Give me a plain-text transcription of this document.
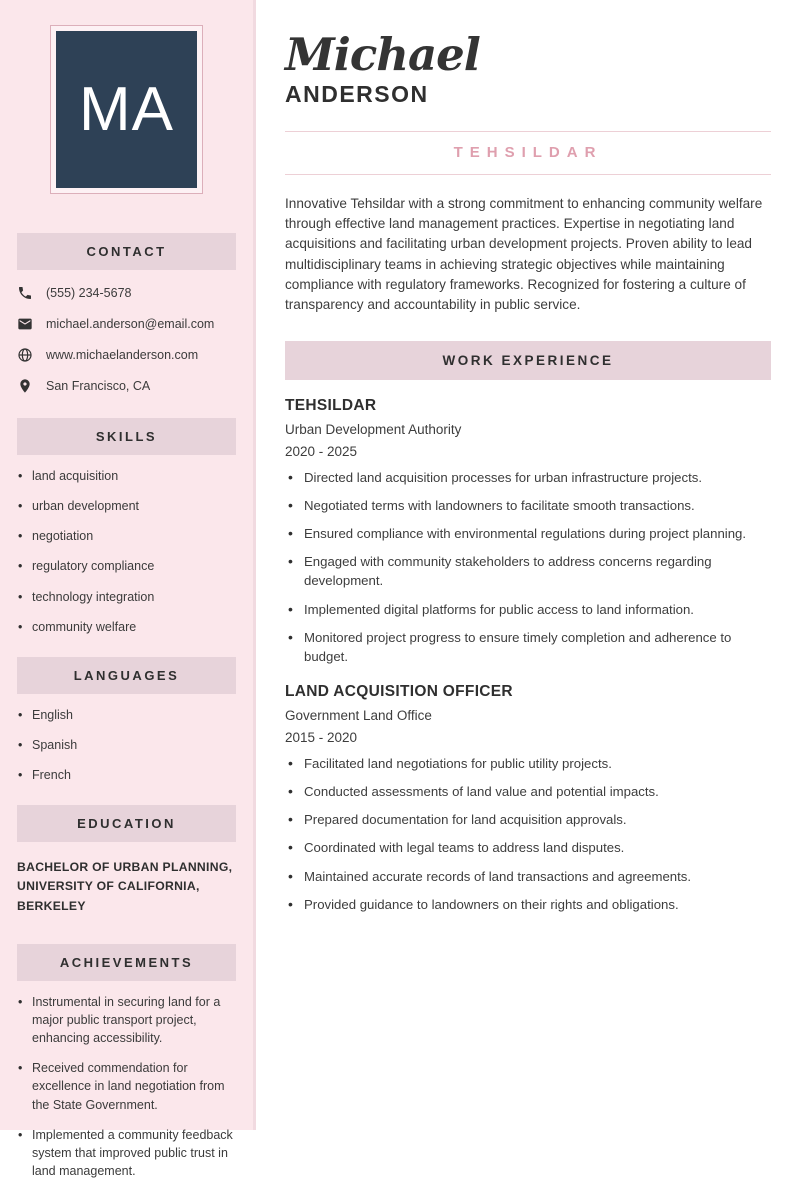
MA
CONTACT
(555) 234-5678
michael.anderson@email.com
www.michaelanderson.com
San Francisco, CA
SKILLS
• land acquisition
• urban development
• negotiation
• regulatory compliance
• technology integration
• community welfare
LANGUAGES
• English
• Spanish
• French
EDUCATION
BACHELOR OF URBAN PLANNING, UNIVERSITY OF CALIFORNIA, BERKELEY
ACHIEVEMENTS
• Instrumental in securing land for a major public transport project, enhancing accessibility.
• Received commendation for excellence in land negotiation from the State Government.
• Implemented a community feedback system that improved public trust in land management.
Michael
ANDERSON
TEHSILDAR

Innovative Tehsildar with a strong commitment to enhancing community welfare through effective land management practices. Expertise in negotiating land acquisitions and facilitating urban development projects. Proven ability to lead multidisciplinary teams in achieving strategic objectives while maintaining compliance with regulatory frameworks. Recognized for fostering a culture of transparency and accountability in public service.

WORK EXPERIENCE
TEHSILDAR
Urban Development Authority
2020 - 2025
• Directed land acquisition processes for urban infrastructure projects.
• Negotiated terms with landowners to facilitate smooth transactions.
• Ensured compliance with environmental regulations during project planning.
• Engaged with community stakeholders to address concerns regarding development.
• Implemented digital platforms for public access to land information.
• Monitored project progress to ensure timely completion and adherence to budget.
LAND ACQUISITION OFFICER
Government Land Office
2015 - 2020
• Facilitated land negotiations for public utility projects.
• Conducted assessments of land value and potential impacts.
• Prepared documentation for land acquisition approvals.
• Coordinated with legal teams to address land disputes.
• Maintained accurate records of land transactions and agreements.
• Provided guidance to landowners on their rights and obligations.
